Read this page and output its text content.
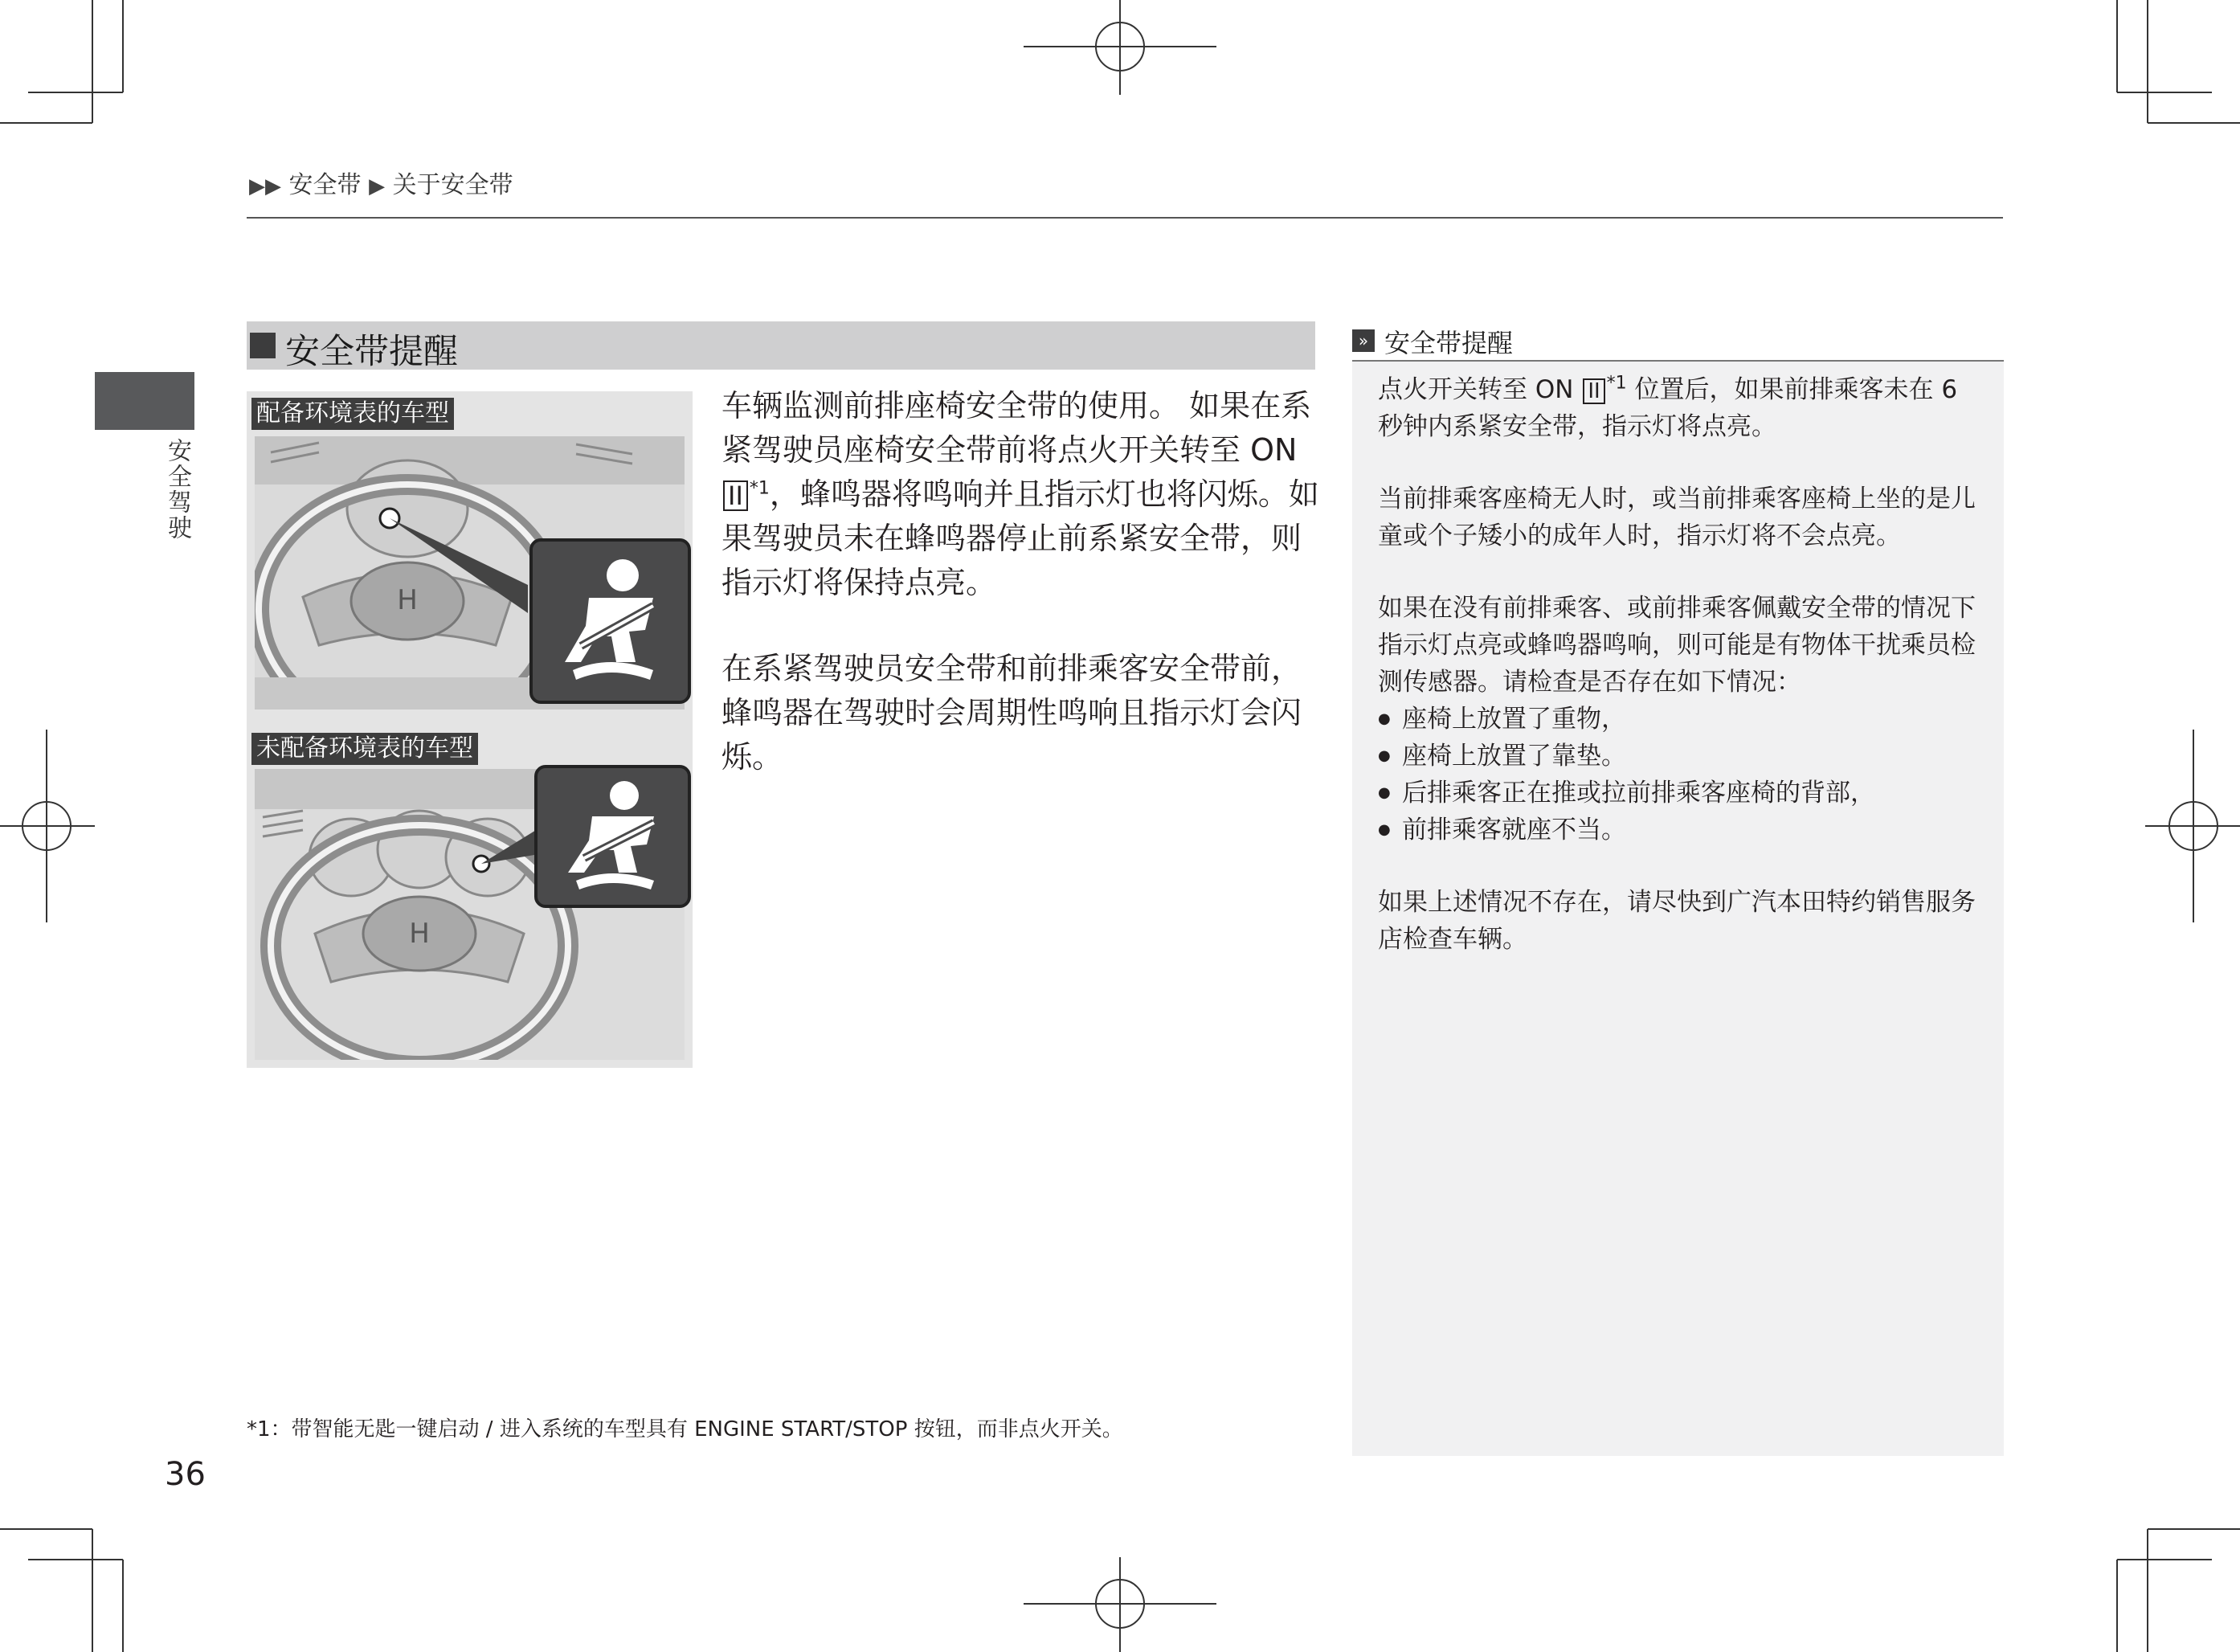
▶▶ 安全带 ▶ 关于安全带
安全驾驶
安全带提醒
H
配备环境表的车型
未配备环境表的车型
H

车辆监测前排座椅安全带的使用。 如果在系紧驾驶员座椅安全带前将点火开关转至 ON II $^{*1}$，蜂鸣器将鸣响并且指示灯也将闪烁。如果驾驶员未在蜂鸣器停止前系紧安全带，则指示灯将保持点亮。

在系紧驾驶员安全带和前排乘客安全带前，蜂鸣器在驾驶时会周期性鸣响且指示灯会闪烁。

» 安全带提醒

点火开关转至 ON II $^{*1}$ 位置后，如果前排乘客未在 6 秒钟内系紧安全带，指示灯将点亮。

当前排乘客座椅无人时，或当前排乘客座椅上坐的是儿童或个子矮小的成年人时，指示灯将不会点亮。

如果在没有前排乘客、或前排乘客佩戴安全带的情况下指示灯点亮或蜂鸣器鸣响，则可能是有物体干扰乘员检测传感器。请检查是否存在如下情况：

● 座椅上放置了重物，
● 座椅上放置了靠垫。
● 后排乘客正在推或拉前排乘客座椅的背部，
● 前排乘客就座不当。

如果上述情况不存在，请尽快到广汽本田特约销售服务店检查车辆。

*1：带智能无匙一键启动 / 进入系统的车型具有 ENGINE START/STOP 按钮，而非点火开关。
36
